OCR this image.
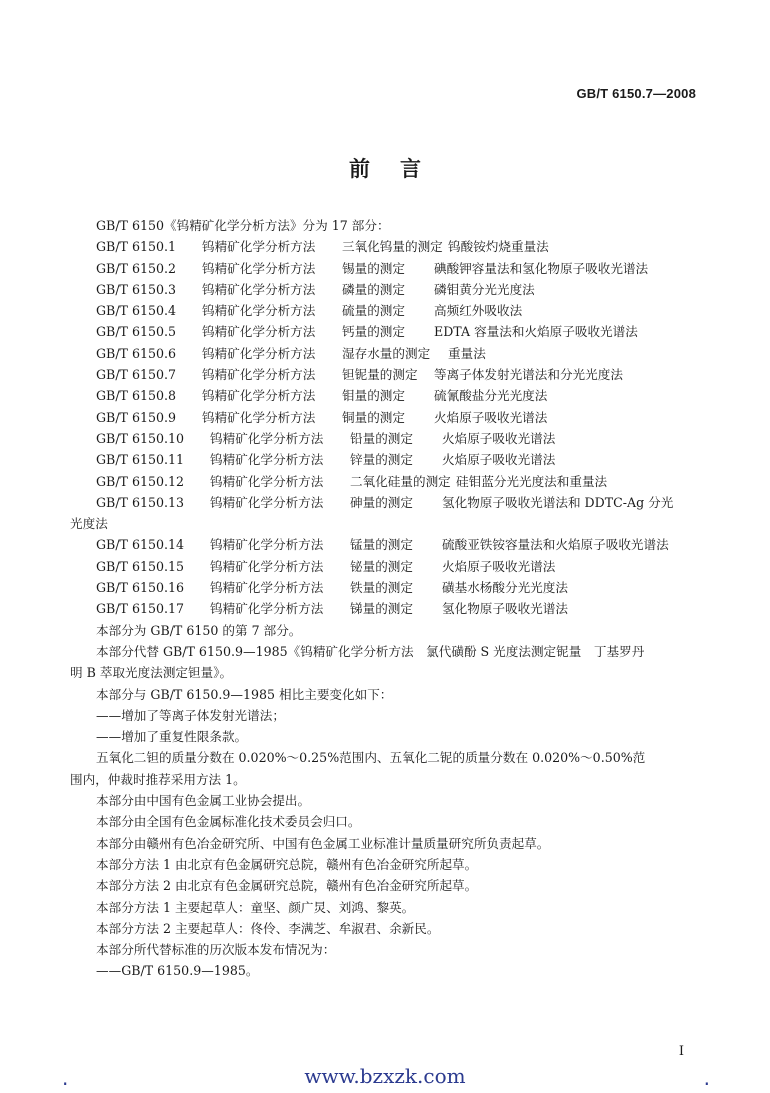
GB/T 6150.7—2008
前言
GB/T 6150《钨精矿化学分析方法》分为 17 部分：
GB/T 6150.1 钨精矿化学分析方法 三氧化钨量的测定 钨酸铵灼烧重量法
GB/T 6150.2 钨精矿化学分析方法 锡量的测定 碘酸钾容量法和氢化物原子吸收光谱法
GB/T 6150.3 钨精矿化学分析方法 磷量的测定 磷钼黄分光光度法
GB/T 6150.4 钨精矿化学分析方法 硫量的测定 高频红外吸收法
GB/T 6150.5 钨精矿化学分析方法 钙量的测定 EDTA 容量法和火焰原子吸收光谱法
GB/T 6150.6 钨精矿化学分析方法 湿存水量的测定 重量法
GB/T 6150.7 钨精矿化学分析方法 钽铌量的测定 等离子体发射光谱法和分光光度法
GB/T 6150.8 钨精矿化学分析方法 钼量的测定 硫氰酸盐分光光度法
GB/T 6150.9 钨精矿化学分析方法 铜量的测定 火焰原子吸收光谱法
GB/T 6150.10 钨精矿化学分析方法 铅量的测定 火焰原子吸收光谱法
GB/T 6150.11 钨精矿化学分析方法 锌量的测定 火焰原子吸收光谱法
GB/T 6150.12 钨精矿化学分析方法 二氧化硅量的测定 硅钼蓝分光光度法和重量法
GB/T 6150.13 钨精矿化学分析方法 砷量的测定 氢化物原子吸收光谱法和 DDTC-Ag 分光
光度法
GB/T 6150.14 钨精矿化学分析方法 锰量的测定 硫酸亚铁铵容量法和火焰原子吸收光谱法
GB/T 6150.15 钨精矿化学分析方法 铋量的测定 火焰原子吸收光谱法
GB/T 6150.16 钨精矿化学分析方法 铁量的测定 磺基水杨酸分光光度法
GB/T 6150.17 钨精矿化学分析方法 锑量的测定 氢化物原子吸收光谱法
本部分为 GB/T 6150 的第 7 部分。
本部分代替 GB/T 6150.9—1985《钨精矿化学分析方法　氯代磺酚 S 光度法测定铌量　丁基罗丹
明 B 萃取光度法测定钽量》。
本部分与 GB/T 6150.9—1985 相比主要变化如下：
——增加了等离子体发射光谱法；
——增加了重复性限条款。
五氧化二钽的质量分数在 0.020%～0.25%范围内、五氧化二铌的质量分数在 0.020%～0.50%范
围内，仲裁时推荐采用方法 1。
本部分由中国有色金属工业协会提出。
本部分由全国有色金属标准化技术委员会归口。
本部分由赣州有色冶金研究所、中国有色金属工业标准计量质量研究所负责起草。
本部分方法 1 由北京有色金属研究总院，赣州有色冶金研究所起草。
本部分方法 2 由北京有色金属研究总院，赣州有色冶金研究所起草。
本部分方法 1 主要起草人：童坚、颜广炅、刘鸿、黎英。
本部分方法 2 主要起草人：佟伶、李满芝、牟淑君、余新民。
本部分所代替标准的历次版本发布情况为：
——GB/T 6150.9—1985。
I
.	www.bzxzk.com	.
